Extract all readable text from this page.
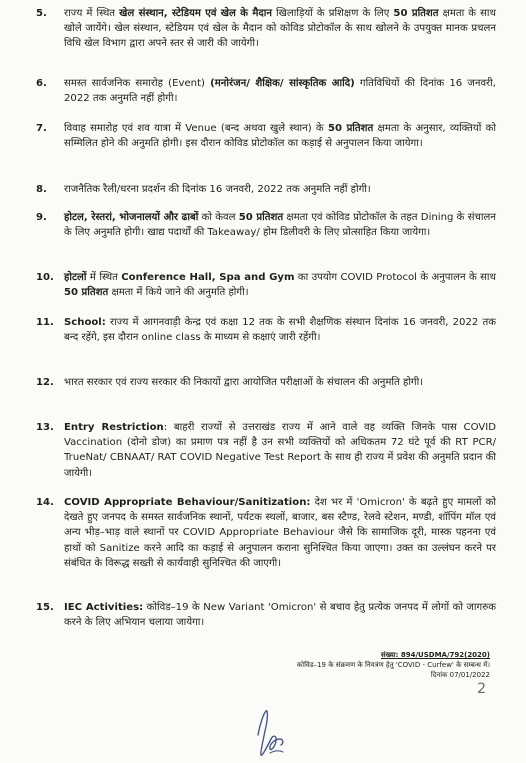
5.	राज्य में स्थित खेल संस्थान, स्टेडियम एवं खेल के मैदान खिलाड़ियों के प्रशिक्षण के लिए 50 प्रतिशत क्षमता के साथ खोले जायेंगे। खेल संस्थान, स्टेडियम एवं खेल के मैदान को कोविड प्रोटोकॉल के साथ खोलने के उपयुक्त मानक प्रचलन विधि खेल विभाग द्वारा अपने स्तर से जारी की जायेगी।
6.	समस्त सार्वजनिक समारोह (Event) (मनोरंजन/ शैक्षिक/ सांस्कृतिक आदि) गतिविधियों की दिनांक 16 जनवरी, 2022 तक अनुमति नहीं होगी।
7.	विवाह समारोह एवं शव यात्रा में Venue (बन्द अथवा खुले स्थान) के 50 प्रतिशत क्षमता के अनुसार, व्यक्तियों को सम्मिलित होने की अनुमति होगी। इस दौरान कोविड प्रोटोकॉल का कड़ाई से अनुपालन किया जायेगा।
8.	राजनैतिक रैली/धरना प्रदर्शन की दिनांक 16 जनवरी, 2022 तक अनुमति नहीं होगी।
9.	होटल, रेस्तरां, भोजनालयों और ढाबों को केवल 50 प्रतिशत क्षमता एवं कोविड प्रोटोकॉल के तहत Dining के संचालन के लिए अनुमति होगी। खाद्य पदार्थों की Takeaway/ होम डिलीवरी के लिए प्रोत्साहित किया जायेगा।
10.	होटलों में स्थित Conference Hall, Spa and Gym का उपयोग COVID Protocol के अनुपालन के साथ 50 प्रतिशत क्षमता में किये जाने की अनुमति होगी।
11.	School: राज्य में आगनवाड़ी केन्द्र एवं कक्षा 12 तक के सभी शैक्षणिक संस्थान दिनांक 16 जनवरी, 2022 तक बन्द रहेंगे, इस दौरान online class के माध्यम से कक्षाएं जारी रहेंगी।
12.	भारत सरकार एवं राज्य सरकार की निकायों द्वारा आयोजित परीक्षाओं के संचालन की अनुमति होगी।
13.	Entry Restriction: बाहरी राज्यों से उत्तराखंड राज्य में आने वाले वह व्यक्ति जिनके पास COVID Vaccination (दोनो डोज) का प्रमाण पत्र नहीं है उन सभी व्यक्तियों को अधिकतम 72 घंटे पूर्व की RT PCR/ TrueNat/ CBNAAT/ RAT COVID Negative Test Report के साथ ही राज्य में प्रवेश की अनुमति प्रदान की जायेगी।
14.	COVID Appropriate Behaviour/Sanitization: देश भर में 'Omicron' के बढ़ते हुए मामलों को देखते हुए जनपद के समस्त सार्वजनिक स्थानों, पर्यटक स्थलों, बाजार, बस स्टैण्ड, रेलवे स्टेशन, मण्डी, शॉपिंग मॉल एवं अन्य भीड़–भाड़ वाले स्थानों पर COVID Appropriate Behaviour जैसे कि सामाजिक दूरी, मास्क पहनना एवं हाथों को Sanitize करने आदि का कड़ाई से अनुपालन कराना सुनिश्चित किया जाएगा। उक्त का उल्लंघन करने पर संबंधित के विरूद्ध सख्ती से कार्यवाही सुनिश्चित की जाएगी।
15.	IEC Activities: कोविड–19 के New Variant 'Omicron' से बचाव हेतु प्रत्येक जनपद में लोगों को जागरुक करने के लिए अभियान चलाया जायेगा।
संख्या: 894/USDMA/792(2020)
कोविड–19 के संक्रमण के नियत्रंण हेतु 'COVID - Curfew' के सम्बन्ध में।
दिनांक 07/01/2022
2
